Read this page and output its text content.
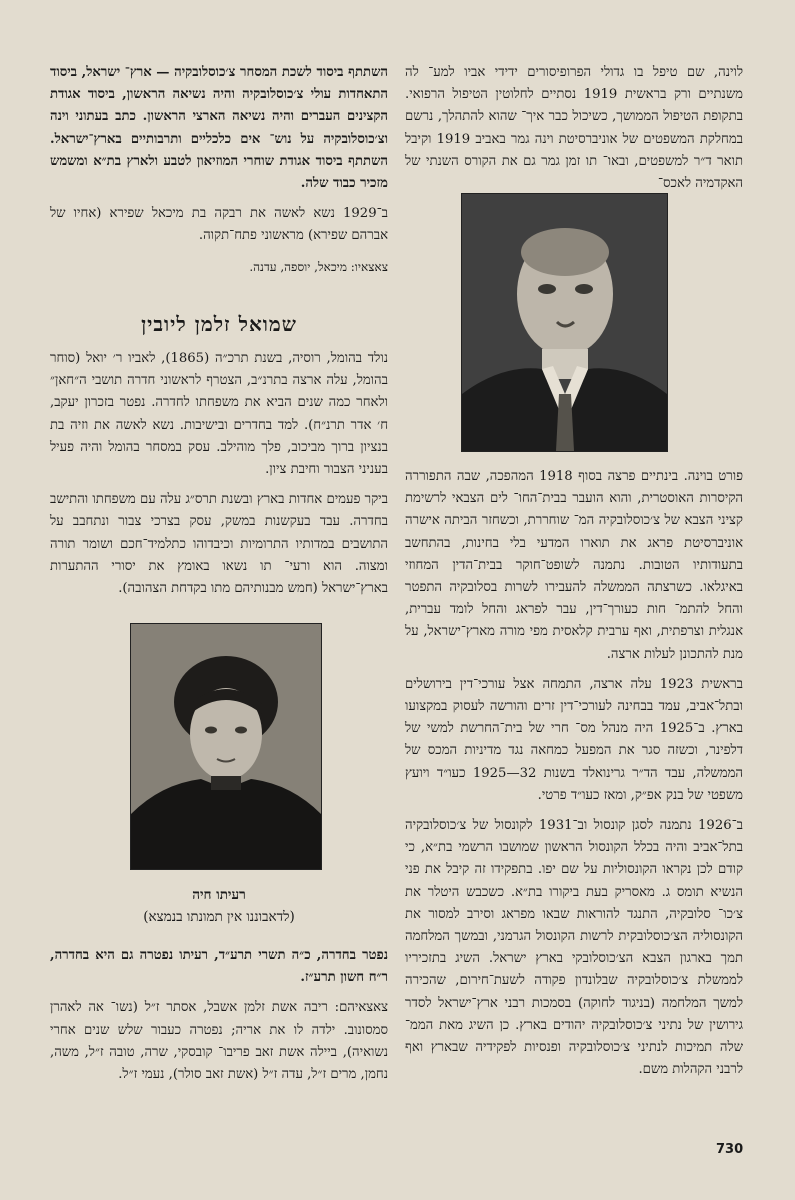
לוינה, שם טיפל בו גדולי הפרופיסורים ידידי אביו למע־ לה משנתיים ורק בראשית 1919 נסתיים לחלוטין הטיפול הרפואי. בתקופת הטיפול הממושך, כשיכול כבר איך־ שהוא להתהלך, נרשם במחלקת המשפטים של אוניברסיטת וינה גמר באביב 1919 וקיבל תואר ד״ר למשפטים, ובאו־ תו זמן גמר גם את הקורס השנתי של האקדמיה לאכס־

פורט בוינה. בינתיים פרצה בסוף 1918 המהפכה, שבה התפוררה הקיסרות האוסטרית, והוא הועבר בבית־החו־ לים הצבאי לרשימת קציני הצבא של צ׳כוסלובקיה המ־ שוחררת, וכשחזר הביתה אישרה אוניברסיטת פראג את תוארו המדעי בלי בחינות, בהתחשב בתעודותיו הטובות. נתמנה לשופט־חוקר בבית־הדין המחוזי באיגלאו. כשרצתה הממשלה להעבירו לשרות בסלובקיה התפטר והחל להתמ־ חות כעורך־דין, עבר לפראג והחל לומד עברית, אנגלית וצרפתית, ואף ערבית קלאסית מפי מורה מארץ־ישראל, על מנת להתכונן לעלות ארצה.

בראשית 1923 עלה ארצה, התמחה אצל עורכי־דין בירושלים ובתל־אביב, עמד בבחינה לעורכי־דין זרים והורשה לעסוק במקצועו בארץ. ב־1925 היה מנהל מס־ חרי של בית־החרשת למשי של דלפינר, וכשזה סגר את המפעל כמחאה נגד מדיניות המכס של הממשלה, עבד הד״ר גרינואלד בשנות 32—1925 כעו״ד ויועץ משפטי של בנק אפ״ק, ומאז כעו״ד פרטי.

ב־1926 נתמנה לסגן קונסול וב־1931 לקונסול של צ׳כוסלובקיה בתל־אביב והיה בכלל הקונסול הראשון שמושבו הרשמי בת״א, כי קודם לכן נקראו הקונסוליות על שם יפו. בתפקידו זה קיבל את פני הנשיא תומס ג. מאסריק בעת ביקורו בת״א. כשכבש היטלר את צ׳כו־ סלובקיה, התנגד להוראות שבאו מפראג וסירב למסור את הקונסוליה הצ׳כוסלובקית לרשות הקונסול הגרמני, ובמשך המלחמה תמך בארגון הצבא הצ׳כוסלובקי בארץ ישראל. השיג בתזכיריו לממשלת צ׳כוסלובקיה שבלונדון פקודה לשעת־חירום, שהכירה למשך המלחמה (בניגוד לחוקה) בסמכות רבני ארץ־ישראל לסדר גירושין של נתיני צ׳כוסלובקיה יהודים בארץ. כן השיג מאת הממ־ שלה תמיכות לנתיני צ׳כוסלובקיה ופנסיות לפקידיה שבארץ ואף לרבני הקהלות משם.

השתתף ביסוד לשכת המסחר צ׳כוסלובקיה — ארץ־ ישראל, ביסוד התאחדות עולי צ׳כוסלובקיה והיה נשיאה הראשון, ביסוד אגודת הקצינים העברים והיה נשיאה הארצי הראשון. כתב בעתוני וינה וצ׳כוסלובקיה על נוש־ אים כלכליים ותרבותיים בארץ־ישראל. השתתף ביסוד אגודת שוחרי המוזיאון לטבע ולארץ בת״א ומשמש מזכיר כבוד שלה.

ב־1929 נשא לאשה את רבקה בת מיכאל שפירא (אחיו של אברהם שפירא) מראשוני פתח־תקוה.

צאצאיו: מיכאל, יוספה, עדנה.

שמואל זלמן ליובין

נולד בהומל, רוסיה, בשנת תרכ״ה (1865), לאביו ר׳ יואל (סוחר בהומל, עלה ארצה בתרנ״ב, הצטרף לראשוני חדרה תושבי ה״חאן״ ולאחר כמה שנים הביא את משפחתו לחדרה. נפטר בזכרון יעקב, ח׳ אדר תרנ״ח). למד בחדרים ובישיבות. נשא לאשה את וזיה בת בנציון ברוך מביכוב, פלך מוהילב. עסק במסחר בהומל והיה פעיל בעניני הצבור וחיבת ציון.

ביקר פעמים אחדות בארץ ובשנת תרס״ג עלה עם משפחתו והתישב בחדרה. עבד בעקשנות במשק, עסק בצרכי צבור ונתחבב על התושבים במדותיו התרומיות וכיבדוהו כתלמיד־חכם ושומר תורה ומצוה. הוא ורעי־ תו נשאו באומץ את יסורי ההתערות בארץ־ישראל (חמש מבנותיהם מתו בקדחת הצהובה).

רעיתו חיה
(לדאבוננו אין תמונתו בנמצא)

נפטר בחדרה, כ״ה תשרי תרע״ד, רעיתו נפטרה גם היא בחדרה, ר״ח חשון תרע״ז.

צאצאיהם: ריבה אשת זלמן אשבל, אסתר ז״ל (נשו־ אה לאהרן סמסונוב. ילדה לו את אריה; נפטרה כעבור שלש שנים אחרי נשואיה), ביילה אשת זאב פריבו־ קובסקי, שרה, טובה ז״ל, משה, נחמן, מרים ז״ל, עדה ז״ל (אשת זאב סולר), נעמי ז״ל.

730
